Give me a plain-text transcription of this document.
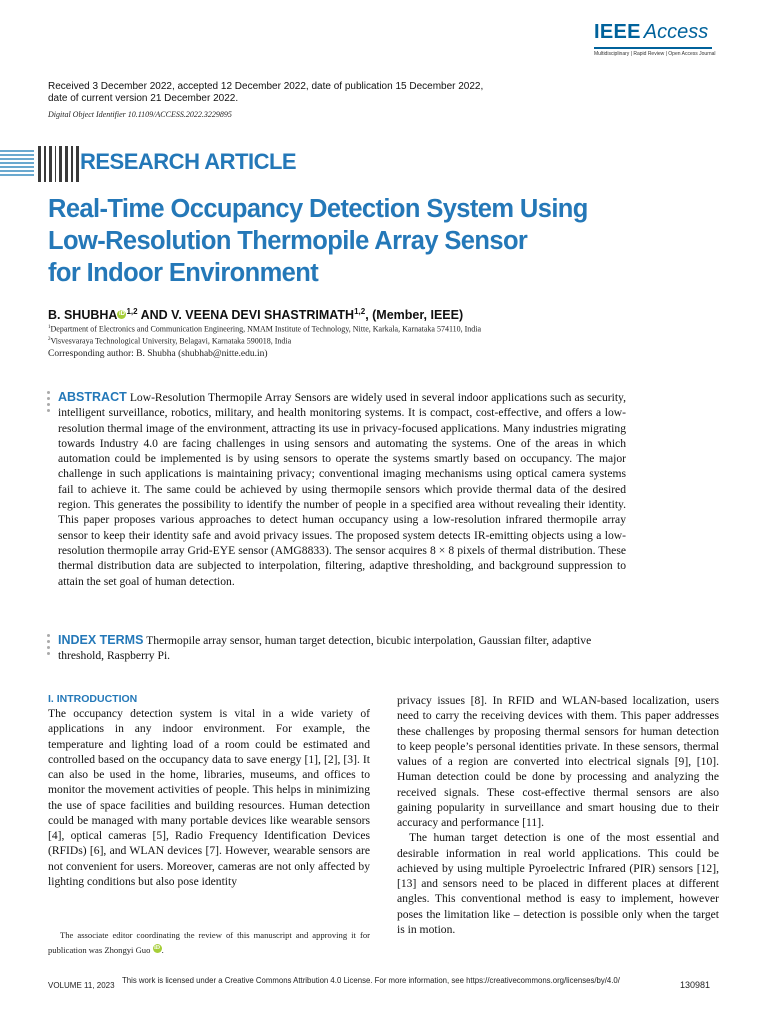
IEEE Access
Multidisciplinary | Rapid Review | Open Access Journal
Received 3 December 2022, accepted 12 December 2022, date of publication 15 December 2022,
date of current version 21 December 2022.
Digital Object Identifier 10.1109/ACCESS.2022.3229895
RESEARCH ARTICLE
Real-Time Occupancy Detection System Using
Low-Resolution Thermopile Array Sensor
for Indoor Environment
B. SHUBHA iD $^{1,2}$ AND V. VEENA DEVI SHASTRIMATH$^{1,2}$, (Member, IEEE)
$^1$Department of Electronics and Communication Engineering, NMAM Institute of Technology, Nitte, Karkala, Karnataka 574110, India
$^2$Visvesvaraya Technological University, Belagavi, Karnataka 590018, India
Corresponding author: B. Shubha (shubhab@nitte.edu.in)

ABSTRACT Low-Resolution Thermopile Array Sensors are widely used in several indoor applications such as security, intelligent surveillance, robotics, military, and health monitoring systems. It is compact, cost-effective, and offers a low-resolution thermal image of the environment, attracting its use in privacy-focused applications. Many industries migrating towards Industry 4.0 are facing challenges in using sensors and automating the systems. One of the areas in which automation could be implemented is by using sensors to operate the systems smartly based on occupancy. The major challenge in such applications is maintaining privacy; conventional imaging mechanisms using optical camera systems fail to achieve it. The same could be achieved by using thermopile sensors which provide thermal data of the desired region. This generates the possibility to identify the number of people in a specified area without revealing their identity. This paper proposes various approaches to detect human occupancy using a low-resolution infrared thermopile array sensor to keep their identity safe and avoid privacy issues. The proposed system detects IR-emitting objects using a low-resolution thermopile array Grid-EYE sensor (AMG8833). The sensor acquires 8 × 8 pixels of thermal distribution. These thermal distribution data are subjected to interpolation, filtering, adaptive thresholding, and background suppression to attain the set goal of human detection.

INDEX TERMS Thermopile array sensor, human target detection, bicubic interpolation, Gaussian filter, adaptive threshold, Raspberry Pi.

I. INTRODUCTION

The occupancy detection system is vital in a wide variety of applications in any indoor environment. For example, the temperature and lighting load of a room could be estimated and controlled based on the occupancy data to save energy [1], [2], [3]. It can also be used in the home, libraries, museums, and offices to monitor the movement activities of people. This helps in minimizing the use of space facilities and building resources. Human detection could be managed with many portable devices like wearable sensors [4], optical cameras [5], Radio Frequency Identification Devices (RFIDs) [6], and WLAN devices [7]. However, wearable sensors are not convenient for users. Moreover, cameras are not only affected by lighting conditions but also pose identity

The associate editor coordinating the review of this manuscript and approving it for publication was Zhongyi Guo iD .

privacy issues [8]. In RFID and WLAN-based localization, users need to carry the receiving devices with them. This paper addresses these challenges by proposing thermal sensors for human detection to keep people’s personal identities private. In these sensors, thermal values of a region are converted into electrical signals [9], [10]. Human detection could be done by processing and analyzing the received signals. These cost-effective thermal sensors are also gaining popularity in surveillance and smart housing due to their accuracy and performance [11].

The human target detection is one of the most essential and desirable information in real world applications. This could be achieved by using multiple Pyroelectric Infrared (PIR) sensors [12], [13] and sensors need to be placed in different places at different angles. This conventional method is easy to implement, however poses the limitation like – detection is possible only when the target is in motion.

VOLUME 11, 2023
This work is licensed under a Creative Commons Attribution 4.0 License. For more information, see https://creativecommons.org/licenses/by/4.0/	130981
